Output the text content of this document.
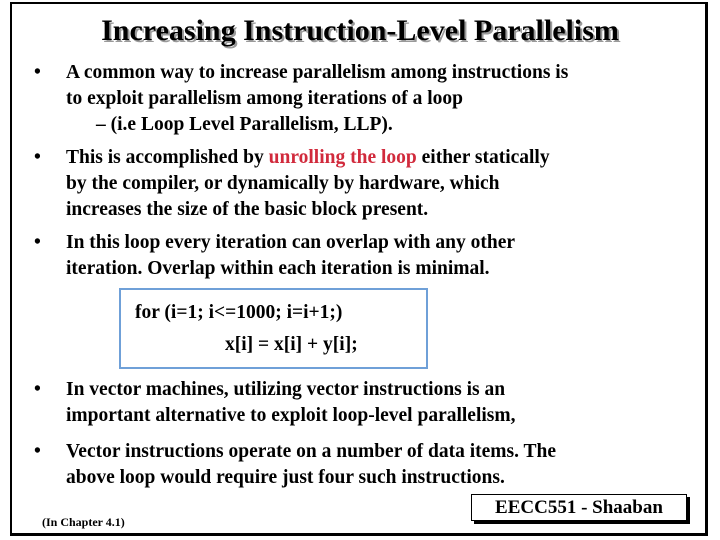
Increasing Instruction-Level Parallelism
• A common way to increase parallelism among instructions is
to exploit parallelism among iterations of a loop
– (i.e Loop Level Parallelism, LLP).
• This is accomplished by unrolling the loop either statically
by the compiler, or dynamically by hardware, which
increases the size of the basic block present.
• In this loop every iteration can overlap with any other
iteration. Overlap within each iteration is minimal.
for (i=1; i<=1000; i=i+1;)
x[i] = x[i] + y[i];
• In vector machines, utilizing vector instructions is an
important alternative to exploit loop-level parallelism,
• Vector instructions operate on a number of data items. The
above loop would require just four such instructions.
(In Chapter 4.1)
EECC551 - Shaaban
